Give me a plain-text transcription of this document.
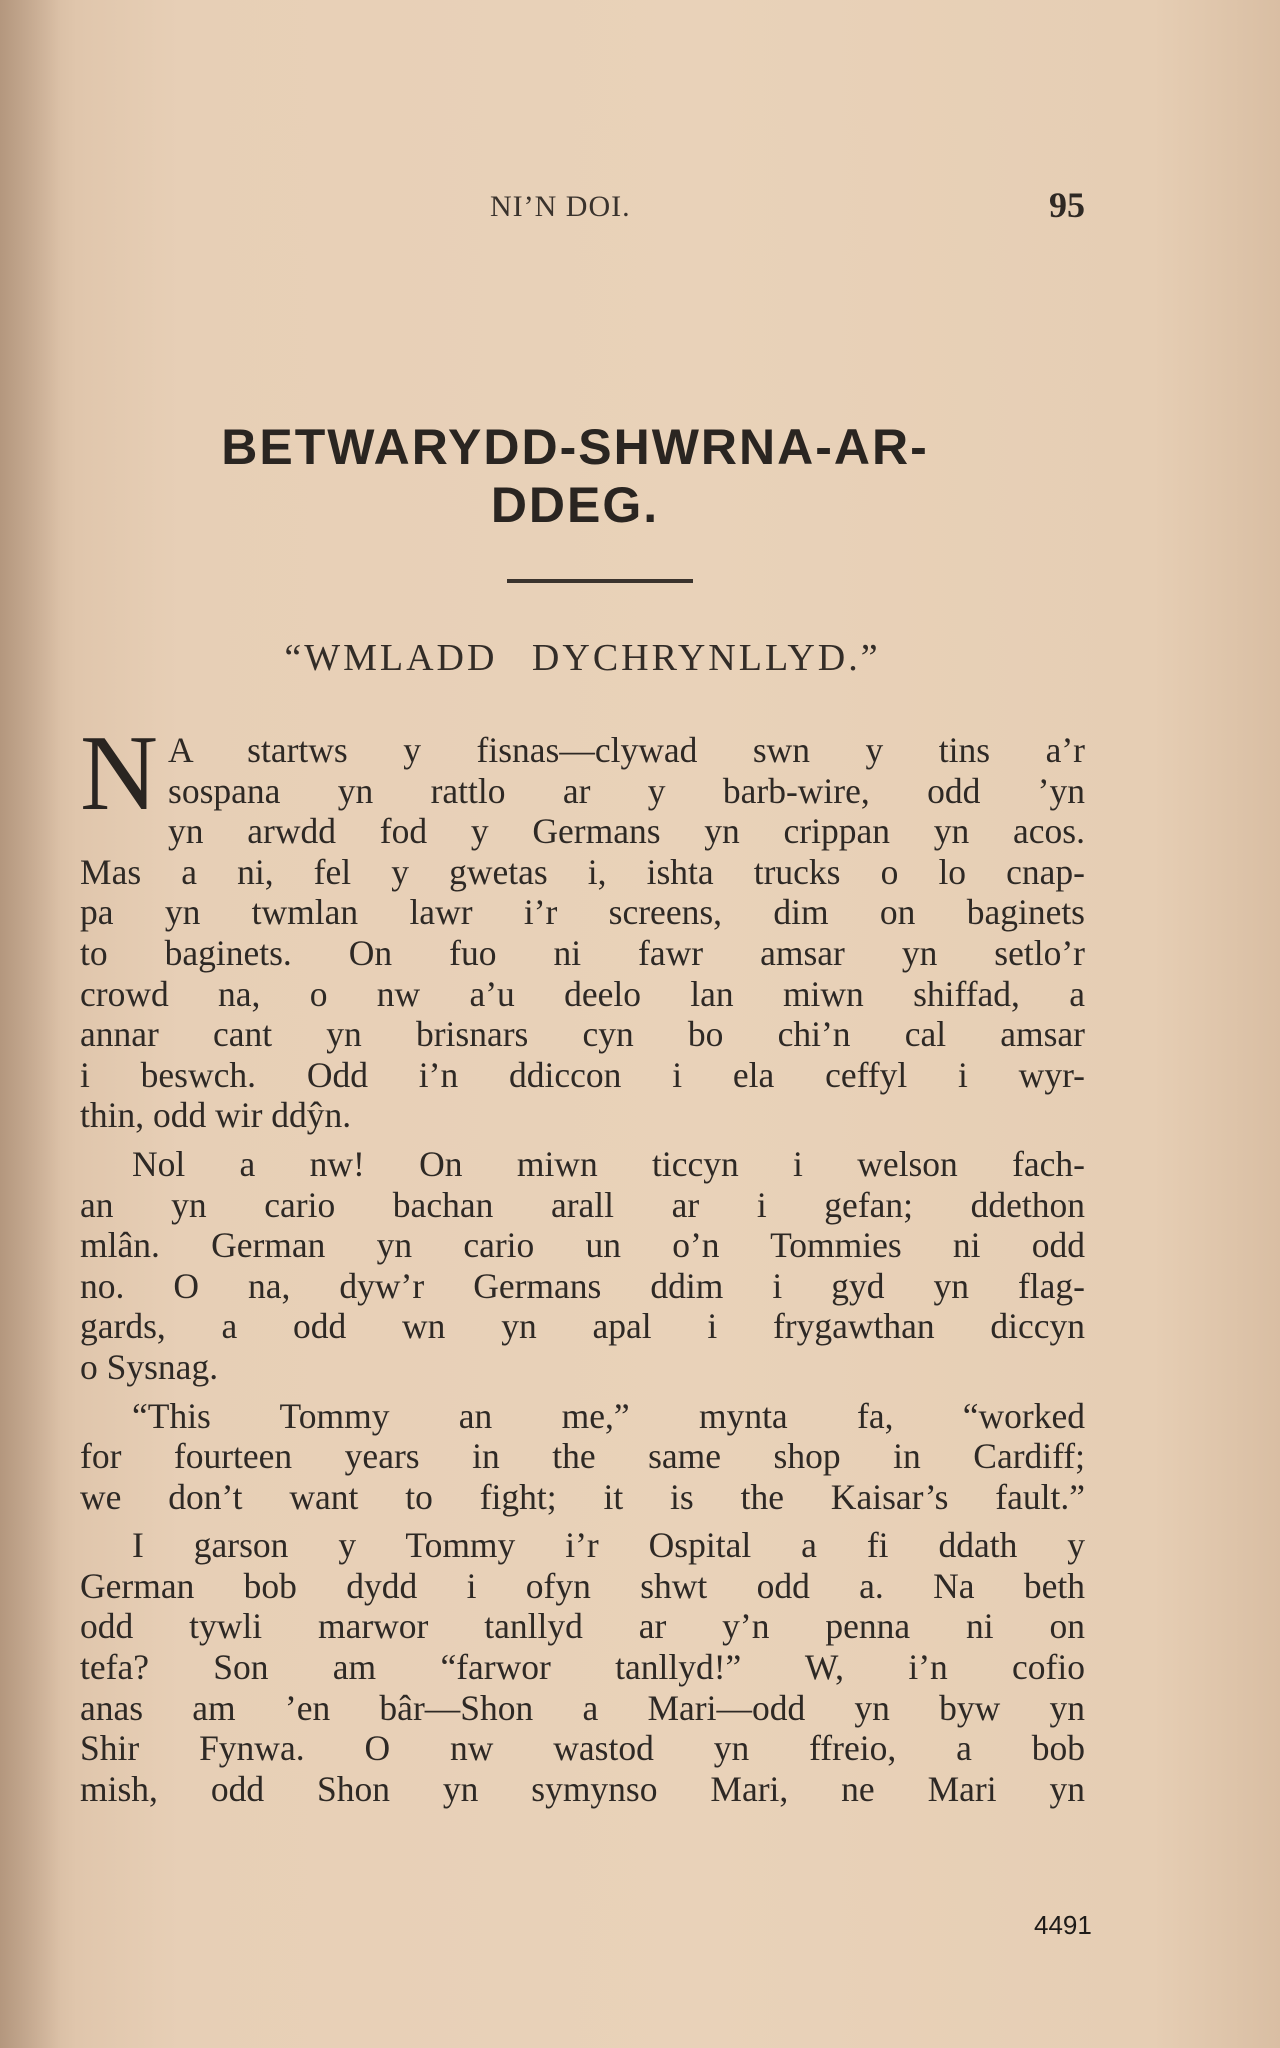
NI’N DOI.	95
BETWARYDD-SHWRNA-AR-
DDEG.
“WMLADD DYCHRYNLLYD.”
N A startws y fisnas—clywad swn y tins a’r
sospana yn rattlo ar y barb-wire, odd ’yn
yn arwdd fod y Germans yn crippan yn acos.
Mas a ni, fel y gwetas i, ishta trucks o lo cnap-
pa yn twmlan lawr i’r screens, dim on baginets
to baginets. On fuo ni fawr amsar yn setlo’r
crowd na, o nw a’u deelo lan miwn shiffad, a
annar cant yn brisnars cyn bo chi’n cal amsar
i beswch. Odd i’n ddiccon i ela ceffyl i wyr-
thin, odd wir ddŷn.
Nol a nw! On miwn ticcyn i welson fach-
an yn cario bachan arall ar i gefan; ddethon
mlân. German yn cario un o’n Tommies ni odd
no. O na, dyw’r Germans ddim i gyd yn flag-
gards, a odd wn yn apal i frygawthan diccyn
o Sysnag.
“This Tommy an me,” mynta fa, “worked
for fourteen years in the same shop in Cardiff;
we don’t want to fight; it is the Kaisar’s fault.”
I garson y Tommy i’r Ospital a fi ddath y
German bob dydd i ofyn shwt odd a. Na beth
odd tywli marwor tanllyd ar y’n penna ni on
tefa? Son am “farwor tanllyd!” W, i’n cofio
anas am ’en bâr—Shon a Mari—odd yn byw yn
Shir Fynwa. O nw wastod yn ffreio, a bob
mish, odd Shon yn symynso Mari, ne Mari yn
4491
